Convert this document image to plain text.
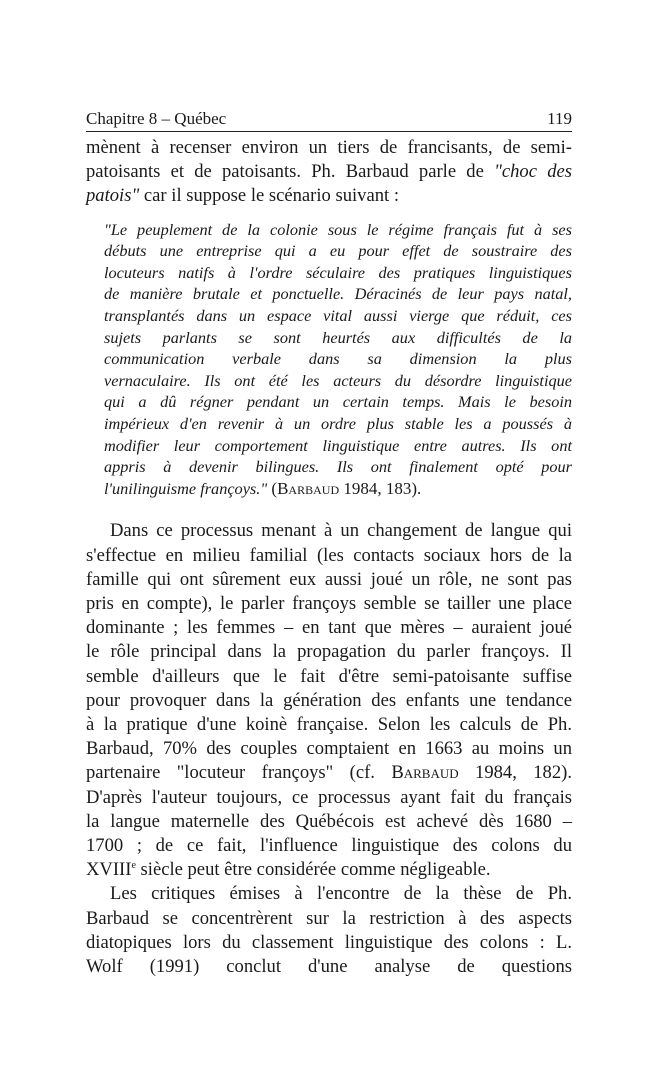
Chapitre 8 – Québec	119
mènent à recenser environ un tiers de francisants, de semi-
patoisants et de patoisants. Ph. Barbaud parle de "choc des
patois" car il suppose le scénario suivant :
"Le peuplement de la colonie sous le régime français fut à ses
débuts une entreprise qui a eu pour effet de soustraire des
locuteurs natifs à l'ordre séculaire des pratiques linguistiques
de manière brutale et ponctuelle. Déracinés de leur pays natal,
transplantés dans un espace vital aussi vierge que réduit, ces
sujets parlants se sont heurtés aux difficultés de la
communication verbale dans sa dimension la plus
vernaculaire. Ils ont été les acteurs du désordre linguistique
qui a dû régner pendant un certain temps. Mais le besoin
impérieux d'en revenir à un ordre plus stable les a poussés à
modifier leur comportement linguistique entre autres. Ils ont
appris à devenir bilingues. Ils ont finalement opté pour
l'unilinguisme françoys." (Barbaud 1984, 183).
Dans ce processus menant à un changement de langue qui
s'effectue en milieu familial (les contacts sociaux hors de la
famille qui ont sûrement eux aussi joué un rôle, ne sont pas
pris en compte), le parler françoys semble se tailler une place
dominante ; les femmes – en tant que mères – auraient joué
le rôle principal dans la propagation du parler françoys. Il
semble d'ailleurs que le fait d'être semi-patoisante suffise
pour provoquer dans la génération des enfants une tendance
à la pratique d'une koinè française. Selon les calculs de Ph.
Barbaud, 70% des couples comptaient en 1663 au moins un
partenaire "locuteur françoys" (cf. Barbaud 1984, 182).
D'après l'auteur toujours, ce processus ayant fait du français
la langue maternelle des Québécois est achevé dès 1680 –
1700 ; de ce fait, l'influence linguistique des colons du
XVIIIe siècle peut être considérée comme négligeable.
Les critiques émises à l'encontre de la thèse de Ph.
Barbaud se concentrèrent sur la restriction à des aspects
diatopiques lors du classement linguistique des colons : L.
Wolf (1991) conclut d'une analyse de questions
